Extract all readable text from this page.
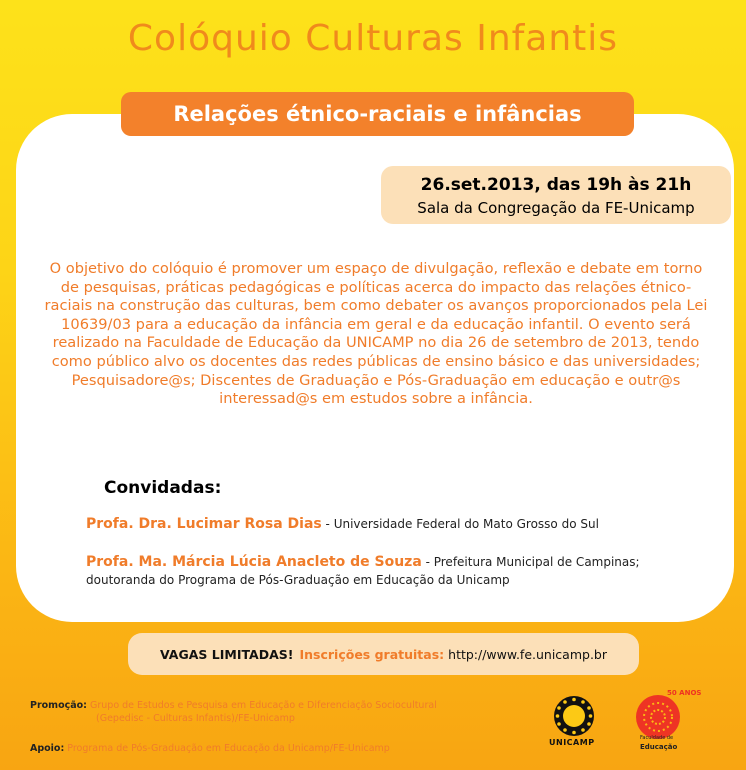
Colóquio Culturas Infantis
Relações étnico-raciais e infâncias
26.set.2013, das 19h às 21h
Sala da Congregação da FE-Unicamp
O objetivo do colóquio é promover um espaço de divulgação, reflexão e debate em torno de pesquisas, práticas pedagógicas e políticas acerca do impacto das relações étnico-raciais na construção das culturas, bem como debater os avanços proporcionados pela Lei 10639/03 para a educação da infância em geral e da educação infantil. O evento será realizado na Faculdade de Educação da UNICAMP no dia 26 de setembro de 2013, tendo como público alvo os docentes das redes públicas de ensino básico e das universidades; Pesquisadore@s; Discentes de Graduação e Pós-Graduação em educação e outr@s interessad@s em estudos sobre a infância.
Convidadas:
Profa. Dra. Lucimar Rosa Dias - Universidade Federal do Mato Grosso do Sul
Profa. Ma. Márcia Lúcia Anacleto de Souza - Prefeitura Municipal de Campinas; doutoranda do Programa de Pós-Graduação em Educação da Unicamp
VAGAS LIMITADAS! Inscrições gratuitas: http://www.fe.unicamp.br
Promoção: Grupo de Estudos e Pesquisa em Educação e Diferenciação Sociocultural
(Gepedisc - Culturas Infantis)/FE-Unicamp
Apoio: Programa de Pós-Graduação em Educação da Unicamp/FE-Unicamp
UNICAMP
50 ANOS
Faculdade de
Educação
